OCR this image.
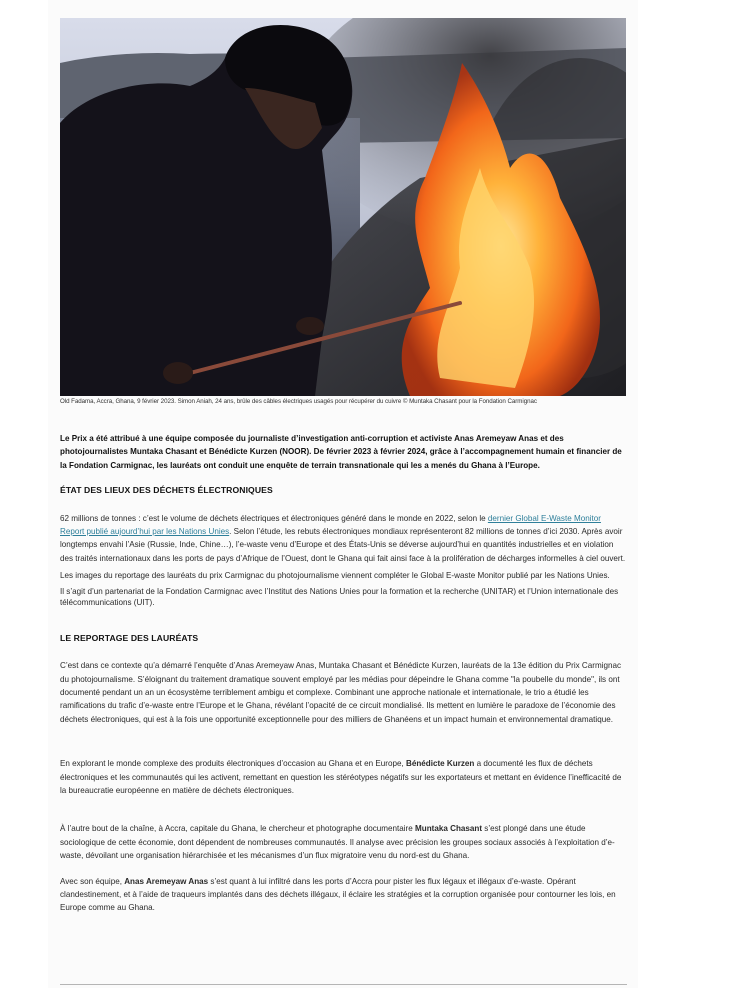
Old Fadama, Accra, Ghana, 9 février 2023. Simon Aniah, 24 ans, brûle des câbles électriques usagés pour récupérer du cuivre © Muntaka Chasant pour la Fondation Carmignac

Le Prix a été attribué à une équipe composée du journaliste d’investigation anti-corruption et activiste Anas Aremeyaw Anas et des photojournalistes Muntaka Chasant et Bénédicte Kurzen (NOOR). De février 2023 à février 2024, grâce à l’accompagnement humain et financier de la Fondation Carmignac, les lauréats ont conduit une enquête de terrain transnationale qui les a menés du Ghana à l’Europe.

ÉTAT DES LIEUX DES DÉCHETS ÉLECTRONIQUES

62 millions de tonnes : c’est le volume de déchets électriques et électroniques généré dans le monde en 2022, selon le dernier Global E-Waste Monitor Report publié aujourd’hui par les Nations Unies. Selon l’étude, les rebuts électroniques mondiaux représenteront 82 millions de tonnes d’ici 2030. Après avoir longtemps envahi l’Asie (Russie, Inde, Chine…), l’e-waste venu d’Europe et des États-Unis se déverse aujourd’hui en quantités industrielles et en violation des traités internationaux dans les ports de pays d’Afrique de l’Ouest, dont le Ghana qui fait ainsi face à la prolifération de décharges informelles à ciel ouvert.

Les images du reportage des lauréats du prix Carmignac du photojournalisme viennent compléter le Global E-waste Monitor publié par les Nations Unies.

Il s’agit d’un partenariat de la Fondation Carmignac avec l’Institut des Nations Unies pour la formation et la recherche (UNITAR) et l’Union internationale des télécommunications (UIT).

LE REPORTAGE DES LAURÉATS

C’est dans ce contexte qu’a démarré l’enquête d’Anas Aremeyaw Anas, Muntaka Chasant et Bénédicte Kurzen, lauréats de la 13e édition du Prix Carmignac du photojournalisme. S’éloignant du traitement dramatique souvent employé par les médias pour dépeindre le Ghana comme "la poubelle du monde", ils ont documenté pendant un an un écosystème terriblement ambigu et complexe. Combinant une approche nationale et internationale, le trio a étudié les ramifications du trafic d’e-waste entre l’Europe et le Ghana, révélant l’opacité de ce circuit mondialisé. Ils mettent en lumière le paradoxe de l’économie des déchets électroniques, qui est à la fois une opportunité exceptionnelle pour des milliers de Ghanéens et un impact humain et environnemental dramatique.

En explorant le monde complexe des produits électroniques d’occasion au Ghana et en Europe, Bénédicte Kurzen a documenté les flux de déchets électroniques et les communautés qui les activent, remettant en question les stéréotypes négatifs sur les exportateurs et mettant en évidence l’inefficacité de la bureaucratie européenne en matière de déchets électroniques.

À l’autre bout de la chaîne, à Accra, capitale du Ghana, le chercheur et photographe documentaire Muntaka Chasant s’est plongé dans une étude sociologique de cette économie, dont dépendent de nombreuses communautés. Il analyse avec précision les groupes sociaux associés à l’exploitation d’e-waste, dévoilant une organisation hiérarchisée et les mécanismes d’un flux migratoire venu du nord-est du Ghana.

Avec son équipe, Anas Aremeyaw Anas s’est quant à lui infiltré dans les ports d’Accra pour pister les flux légaux et illégaux d’e-waste. Opérant clandestinement, et à l’aide de traqueurs implantés dans des déchets illégaux, il éclaire les stratégies et la corruption organisée pour contourner les lois, en Europe comme au Ghana.
